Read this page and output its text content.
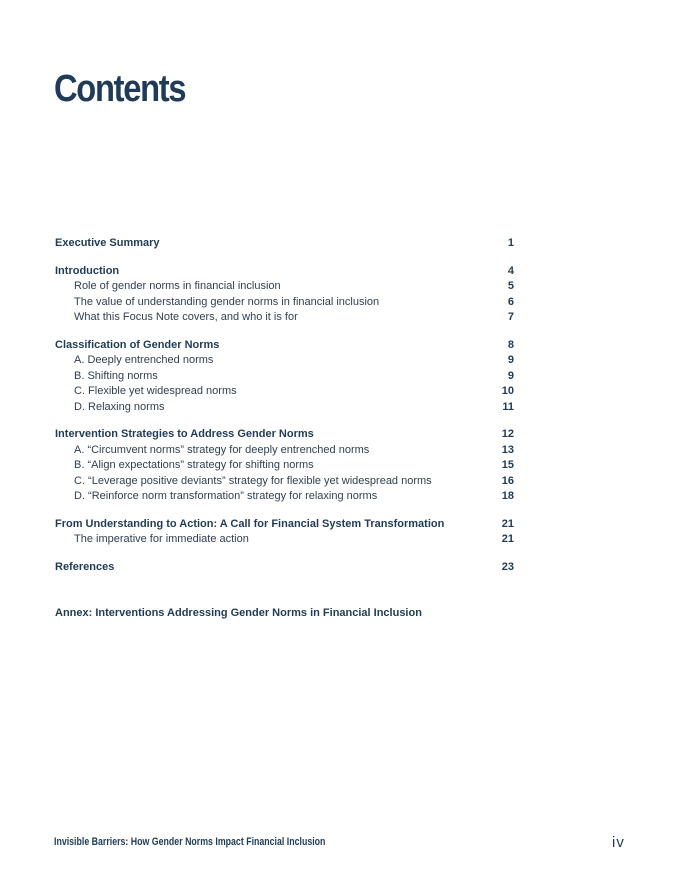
Contents
Executive Summary	1
Introduction	4
Role of gender norms in financial inclusion	5
The value of understanding gender norms in financial inclusion	6
What this Focus Note covers, and who it is for	7
Classification of Gender Norms	8
A. Deeply entrenched norms	9
B. Shifting norms	9
C. Flexible yet widespread norms	10
D. Relaxing norms	11
Intervention Strategies to Address Gender Norms	12
A. “Circumvent norms” strategy for deeply entrenched norms	13
B. “Align expectations” strategy for shifting norms	15
C. “Leverage positive deviants” strategy for flexible yet widespread norms	16
D. “Reinforce norm transformation” strategy for relaxing norms	18
From Understanding to Action: A Call for Financial System Transformation	21
The imperative for immediate action	21
References	23
Annex: Interventions Addressing Gender Norms in Financial Inclusion
Invisible Barriers: How Gender Norms Impact Financial Inclusion	iv
